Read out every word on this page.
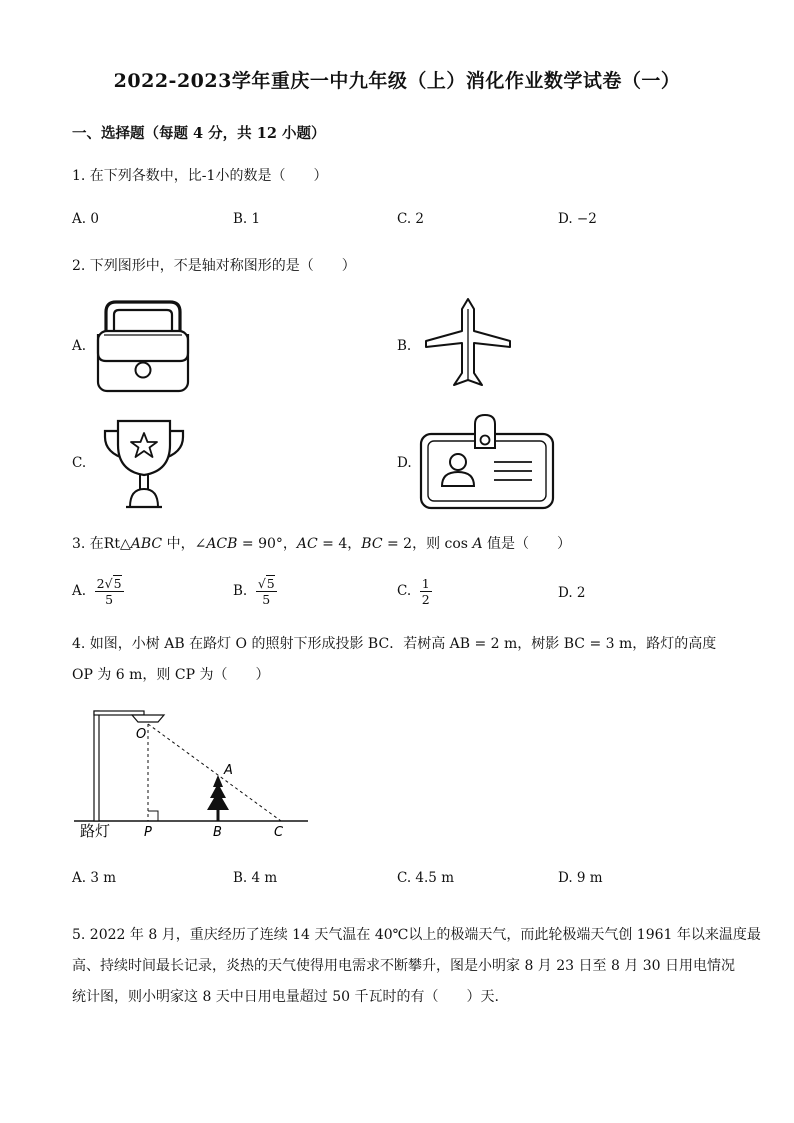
2022-2023学年重庆一中九年级（上）消化作业数学试卷（一）
一、选择题（每题 4 分，共 12 小题）
1. 在下列各数中，比-1小的数是（　　）
A. 0	B. 1	C. 2	D. −2
2. 下列图形中，不是轴对称图形的是（　　）
A.	B.
C.	D.
3. 在Rt△ABC 中，∠ACB = 90°，AC = 4，BC = 2，则 cos A 值是（　　）
A. $\frac{2√5}{5}$	B. $\frac{√5}{5}$	C. $\frac{1}{2}$	D. 2
4. 如图，小树 AB 在路灯 O 的照射下形成投影 BC．若树高 AB = 2 m，树影 BC = 3 m，路灯的高度
OP 为 6 m，则 CP 为（　　）
O
A
P	B	C
路灯
A. 3 m	B. 4 m	C. 4.5 m	D. 9 m
5. 2022 年 8 月，重庆经历了连续 14 天气温在 40℃以上的极端天气，而此轮极端天气创 1961 年以来温度最
高、持续时间最长记录，炎热的天气使得用电需求不断攀升，图是小明家 8 月 23 日至 8 月 30 日用电情况
统计图，则小明家这 8 天中日用电量超过 50 千瓦时的有（　　）天.
